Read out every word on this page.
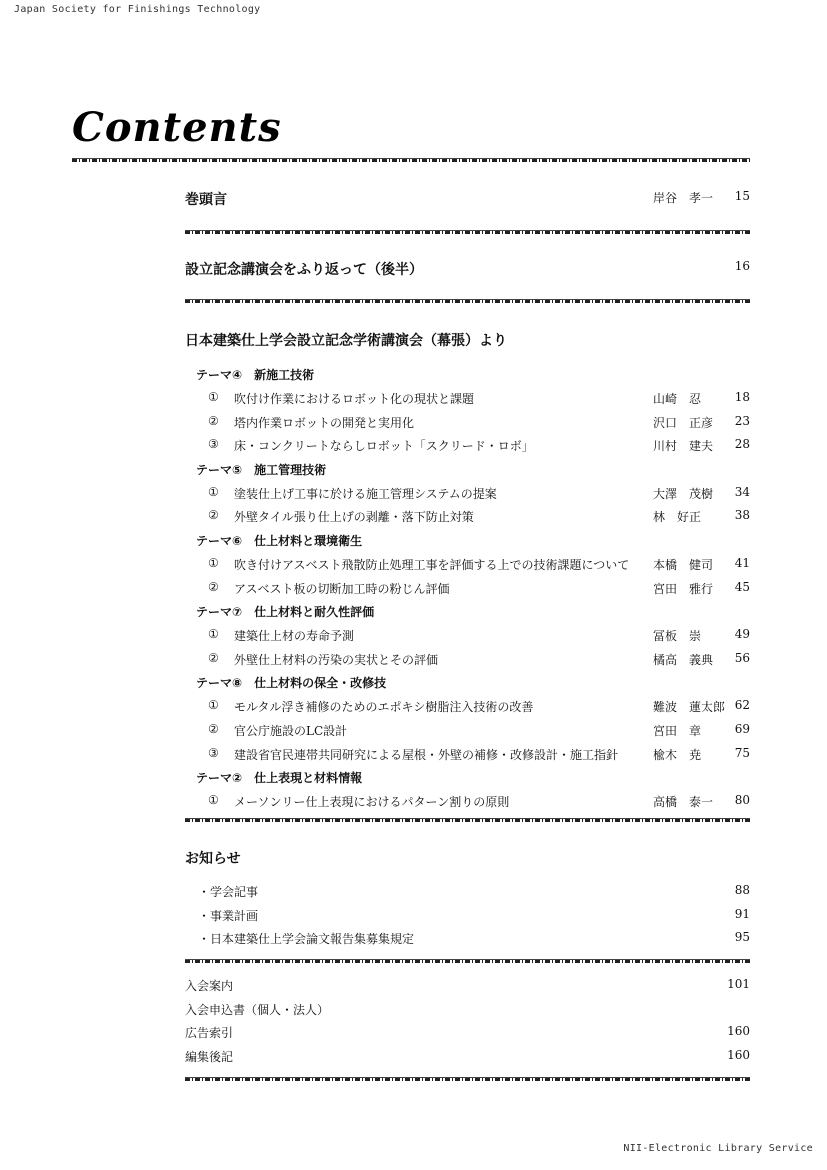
Japan Society for Finishings Technology
Contents
巻頭言	岸谷　孝一 15
設立記念講演会をふり返って（後半）	16
日本建築仕上学会設立記念学術講演会（幕張）より
テーマ④ 新施工技術
① 吹付け作業におけるロボット化の現状と課題	山崎　忍	18
② 塔内作業ロボットの開発と実用化	沢口　正彦 23
③ 床・コンクリートならしロボット「スクリード・ロボ」	川村　建夫 28
テーマ⑤ 施工管理技術
① 塗装仕上げ工事に於ける施工管理システムの提案	大澤　茂樹 34
② 外壁タイル張り仕上げの剥離・落下防止対策	林　好正	38
テーマ⑥ 仕上材料と環境衛生
① 吹き付けアスベスト飛散防止処理工事を評価する上での技術課題について 本橋　健司 41
② アスベスト板の切断加工時の粉じん評価	宮田　雅行 45
テーマ⑦ 仕上材料と耐久性評価
① 建築仕上材の寿命予測	冨板　崇	49
② 外壁仕上材料の汚染の実状とその評価	橘高　義典 56
テーマ⑧ 仕上材料の保全・改修技
① モルタル浮き補修のためのエポキシ樹脂注入技術の改善	難波　蓮太郎 62
② 官公庁施設のLC設計	宮田　章	69
③ 建設省官民連帯共同研究による屋根・外壁の補修・改修設計・施工指針	楡木　尭	75
テーマ② 仕上表現と材料情報
① メーソンリー仕上表現におけるパターン割りの原則	高橋　泰一 80
お知らせ
・学会記事	88
・事業計画	91
・日本建築仕上学会論文報告集募集規定	95
入会案内	101
入会申込書（個人・法人）
広告索引	160
編集後記	160
NII-Electronic Library Service
